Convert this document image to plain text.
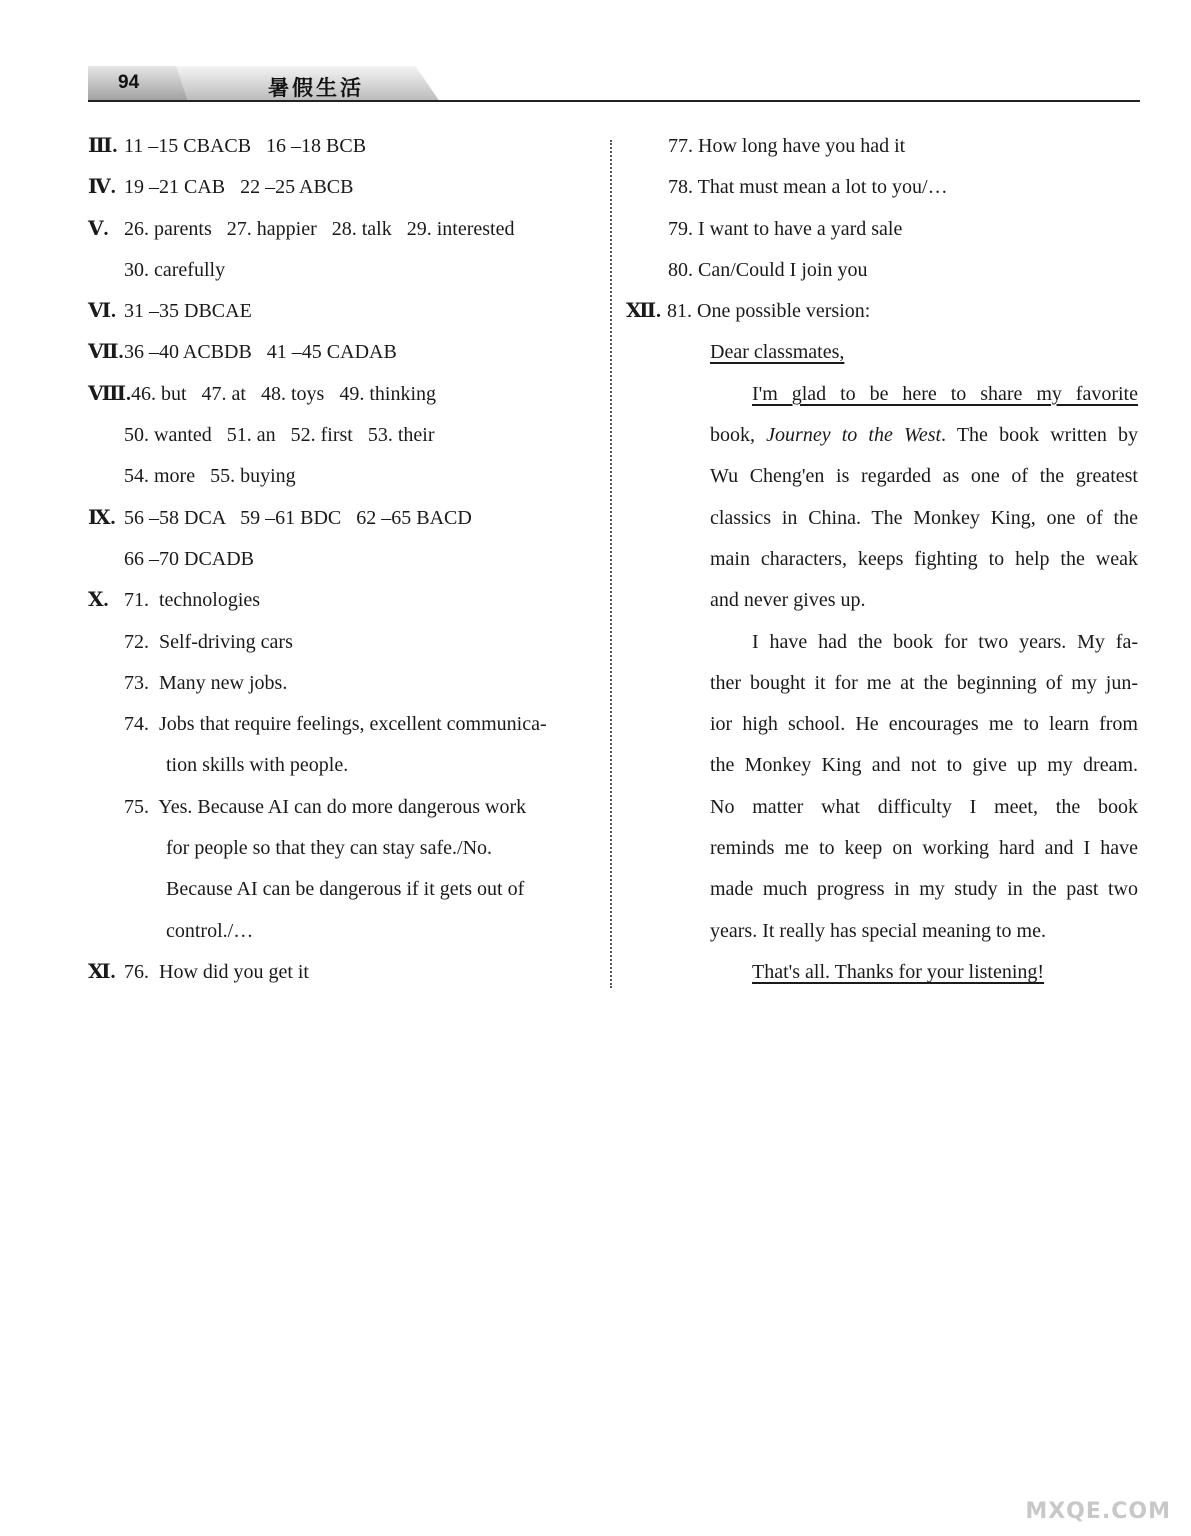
94	暑假生活
Ⅲ. 11 –15 CBACB   16 –18 BCB
Ⅳ. 19 –21 CAB   22 –25 ABCB
Ⅴ. 26. parents   27. happier   28. talk   29. interested
30. carefully
Ⅵ. 31 –35 DBCAE
Ⅶ.36 –40 ACBDB   41 –45 CADAB
Ⅷ.46. but   47. at   48. toys   49. thinking
50. wanted   51. an   52. first   53. their
54. more   55. buying
Ⅸ. 56 –58 DCA   59 –61 BDC   62 –65 BACD
66 –70 DCADB
Ⅹ. 71.  technologies
72.  Self-driving cars
73.  Many new jobs.
74.  Jobs that require feelings, excellent communica-
tion skills with people.
75.  Yes. Because AI can do more dangerous work
for people so that they can stay safe./No.
Because AI can be dangerous if it gets out of
control./…
Ⅺ. 76.  How did you get it
77. How long have you had it
78. That must mean a lot to you/…
79. I want to have a yard sale
80. Can/Could I join you
Ⅻ. 81. One possible version:
Dear classmates,
I'm glad to be here to share my favorite
book, Journey to the West. The book written by
Wu Cheng'en is regarded as one of the greatest
classics in China. The Monkey King, one of the
main characters, keeps fighting to help the weak
and never gives up.
I have had the book for two years. My fa-
ther bought it for me at the beginning of my jun-
ior high school. He encourages me to learn from
the Monkey King and not to give up my dream.
No matter what difficulty I meet, the book
reminds me to keep on working hard and I have
made much progress in my study in the past two
years. It really has special meaning to me.
That's all. Thanks for your listening!
MXQE.COM
